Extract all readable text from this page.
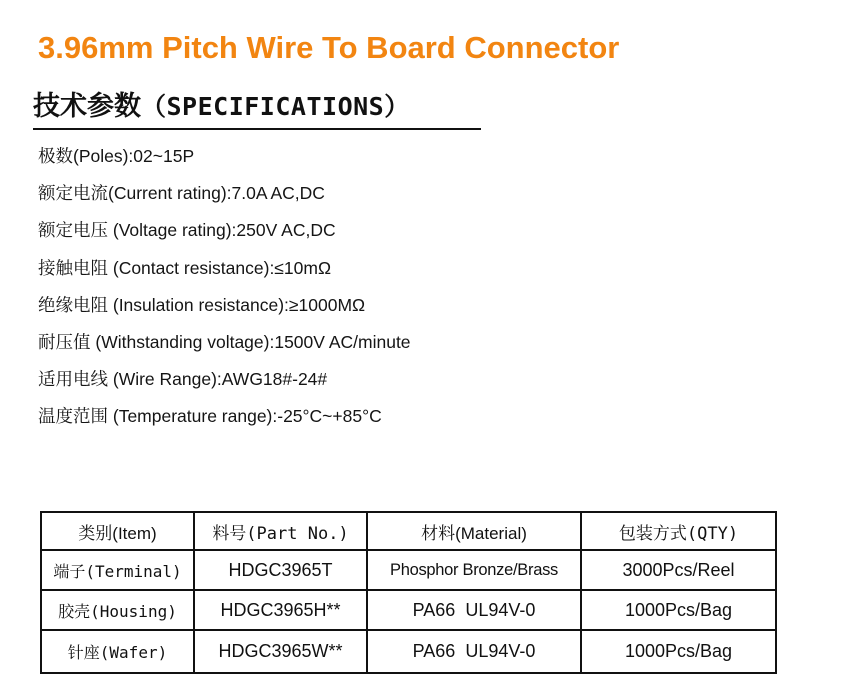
3.96mm Pitch Wire To Board Connector
技术参数（SPECIFICATIONS）
极数(Poles):02~15P
额定电流(Current rating):7.0A AC,DC
额定电压 (Voltage rating):250V AC,DC
接触电阻 (Contact resistance):≤10mΩ
绝缘电阻 (Insulation resistance):≥1000MΩ
耐压值 (Withstanding voltage):1500V AC/minute
适用电线 (Wire Range):AWG18#-24#
温度范围 (Temperature range):-25°C~+85°C
类别(Item)	料号(Part No.)	材料(Material)	包装方式(QTY)
端子(Terminal)	HDGC3965T	Phosphor Bronze/Brass	3000Pcs/Reel
胶壳(Housing)	HDGC3965H**	PA66  UL94V-0	1000Pcs/Bag
针座(Wafer)	HDGC3965W**	PA66  UL94V-0	1000Pcs/Bag
